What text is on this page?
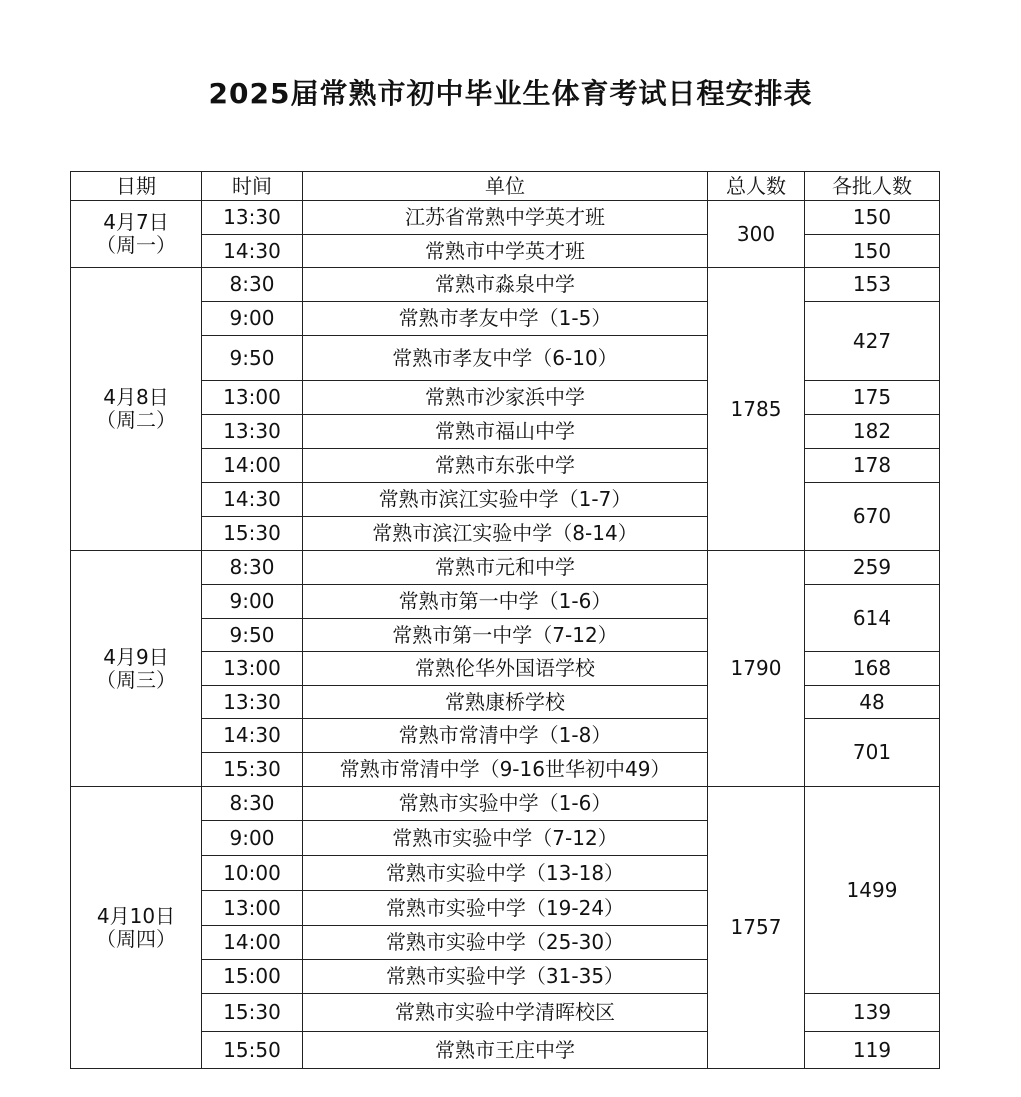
2025届常熟市初中毕业生体育考试日程安排表
日期	时间	单位	总人数	各批人数

4月7日
（周一）	13:30	江苏省常熟中学英才班	300	150
	14:30	常熟市中学英才班		150

4月8日
（周二）	8:30	常熟市淼泉中学	1785	153
	9:00	常熟市孝友中学（1-5）		427
	9:50	常熟市孝友中学（6-10）		
	13:00	常熟市沙家浜中学		175
	13:30	常熟市福山中学		182
	14:00	常熟市东张中学		178
	14:30	常熟市滨江实验中学（1-7）		670
	15:30	常熟市滨江实验中学（8-14）		

4月9日
（周三）	8:30	常熟市元和中学	1790	259
	9:00	常熟市第一中学（1-6）		614
	9:50	常熟市第一中学（7-12）		
	13:00	常熟伦华外国语学校		168
	13:30	常熟康桥学校		48
	14:30	常熟市常清中学（1-8）		701
	15:30	常熟市常清中学（9-16世华初中49）		

4月10日
（周四）	8:30	常熟市实验中学（1-6）	1757	1499
	9:00	常熟市实验中学（7-12）		
	10:00	常熟市实验中学（13-18）		
	13:00	常熟市实验中学（19-24）		
	14:00	常熟市实验中学（25-30）		
	15:00	常熟市实验中学（31-35）		
	15:30	常熟市实验中学清晖校区		139
	15:50	常熟市王庄中学		119
